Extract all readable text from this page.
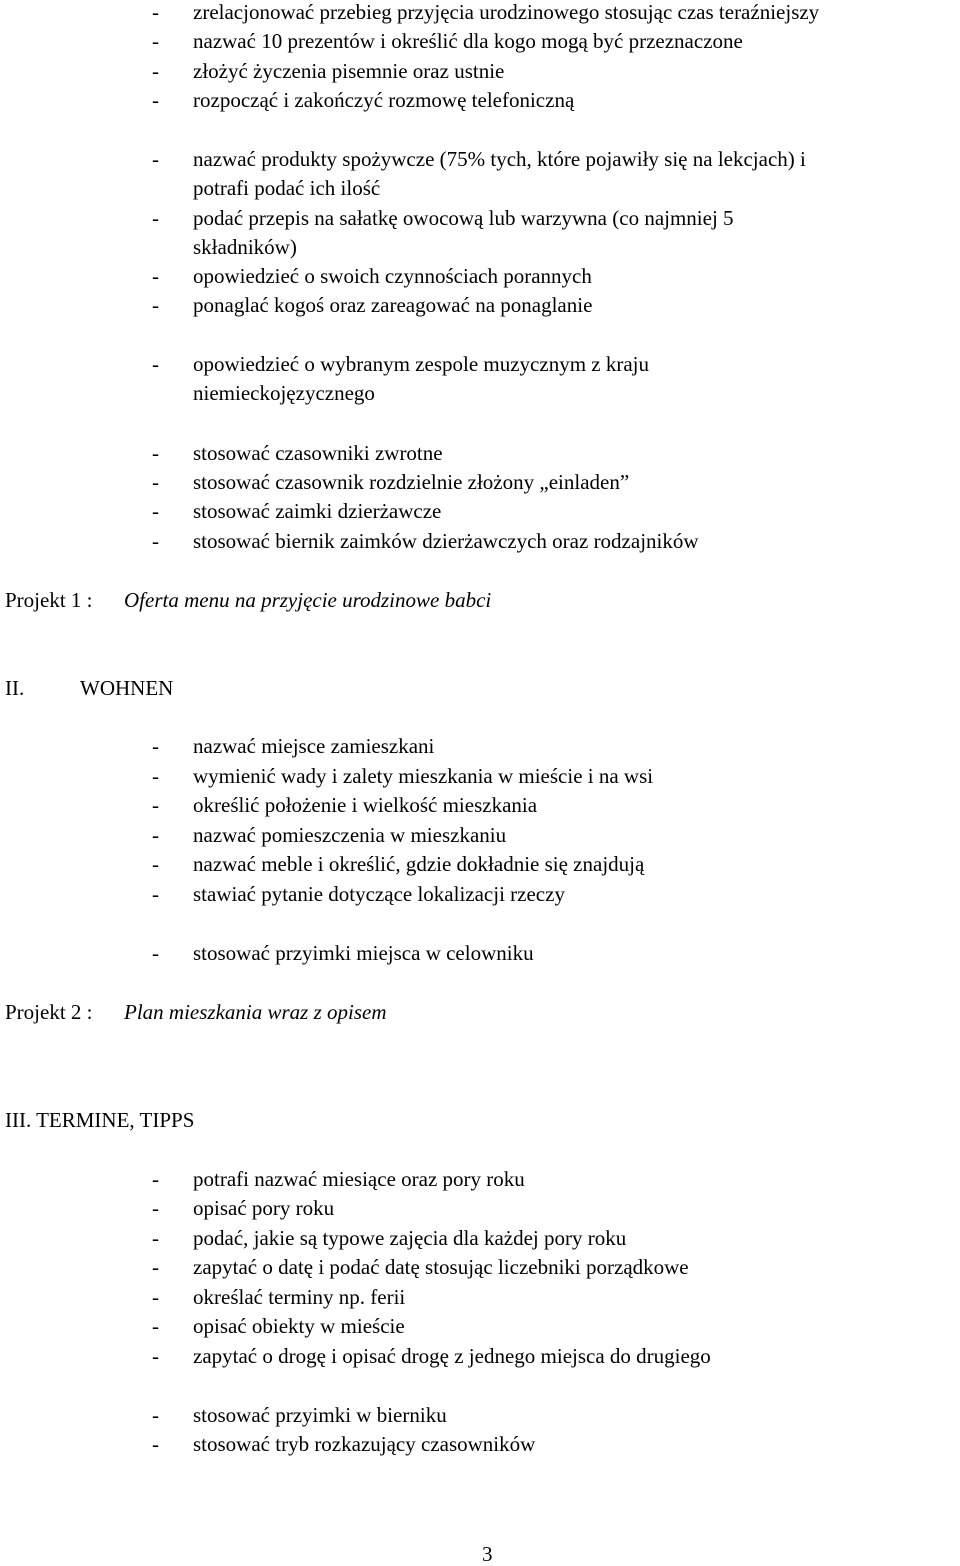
- zrelacjonować przebieg przyjęcia urodzinowego stosując czas teraźniejszy
- nazwać 10 prezentów i określić dla kogo mogą być przeznaczone
- złożyć życzenia pisemnie oraz ustnie
- rozpocząć i zakończyć rozmowę telefoniczną
- nazwać produkty spożywcze (75% tych, które pojawiły się na lekcjach) i
potrafi podać ich ilość
- podać przepis na sałatkę owocową lub warzywna (co najmniej 5
składników)
- opowiedzieć o swoich czynnościach porannych
- ponaglać kogoś oraz zareagować na ponaglanie
- opowiedzieć o wybranym zespole muzycznym z kraju
niemieckojęzycznego
- stosować czasowniki zwrotne
- stosować czasownik rozdzielnie złożony „einladen”
- stosować zaimki dzierżawcze
- stosować biernik zaimków dzierżawczych oraz rodzajników
Projekt 1 : Oferta menu na przyjęcie urodzinowe babci
II.	WOHNEN
- nazwać miejsce zamieszkani
- wymienić wady i zalety mieszkania w mieście i na wsi
- określić położenie i wielkość mieszkania
- nazwać pomieszczenia w mieszkaniu
- nazwać meble i określić, gdzie dokładnie się znajdują
- stawiać pytanie dotyczące lokalizacji rzeczy
- stosować przyimki miejsca w celowniku
Projekt 2 : Plan mieszkania wraz z opisem
III. TERMINE, TIPPS
- potrafi nazwać miesiące oraz pory roku
- opisać pory roku
- podać, jakie są typowe zajęcia dla każdej pory roku
- zapytać o datę i podać datę stosując liczebniki porządkowe
- określać terminy np. ferii
- opisać obiekty w mieście
- zapytać o drogę i opisać drogę z jednego miejsca do drugiego
- stosować przyimki w bierniku
- stosować tryb rozkazujący czasowników
3
